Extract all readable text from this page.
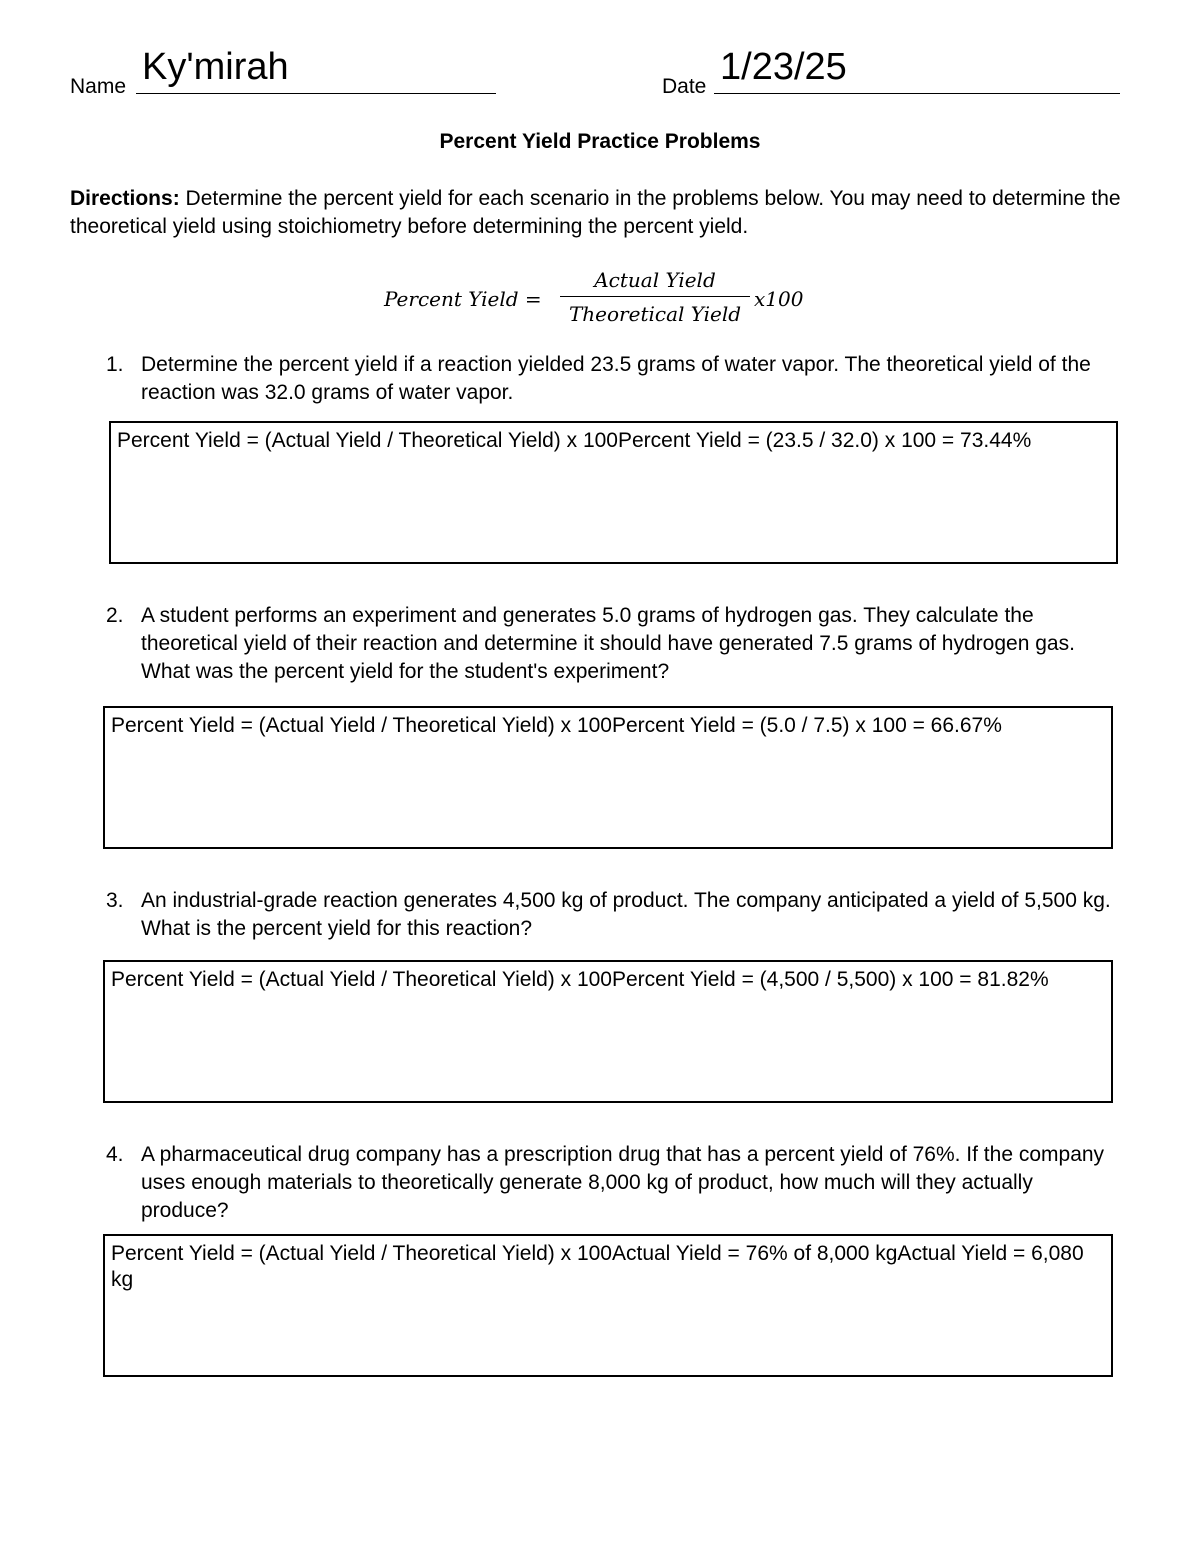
Name Ky'mirah	Date 1/23/25
Percent Yield Practice Problems
Directions: Determine the percent yield for each scenario in the problems below. You may need to determine the theoretical yield using stoichiometry before determining the percent yield.
Percent Yield =
Actual Yield
Theoretical Yield
x100
1. Determine the percent yield if a reaction yielded 23.5 grams of water vapor. The theoretical yield of the reaction was 32.0 grams of water vapor.
Percent Yield = (Actual Yield / Theoretical Yield) x 100Percent Yield = (23.5 / 32.0) x 100 = 73.44%
2. A student performs an experiment and generates 5.0 grams of hydrogen gas. They calculate the theoretical yield of their reaction and determine it should have generated 7.5 grams of hydrogen gas. What was the percent yield for the student's experiment?
Percent Yield = (Actual Yield / Theoretical Yield) x 100Percent Yield = (5.0 / 7.5) x 100 = 66.67%
3. An industrial-grade reaction generates 4,500 kg of product. The company anticipated a yield of 5,500 kg. What is the percent yield for this reaction?
Percent Yield = (Actual Yield / Theoretical Yield) x 100Percent Yield = (4,500 / 5,500) x 100 = 81.82%
4. A pharmaceutical drug company has a prescription drug that has a percent yield of 76%. If the company uses enough materials to theoretically generate 8,000 kg of product, how much will they actually produce?
Percent Yield = (Actual Yield / Theoretical Yield) x 100Actual Yield = 76% of 8,000 kgActual Yield = 6,080 kg
